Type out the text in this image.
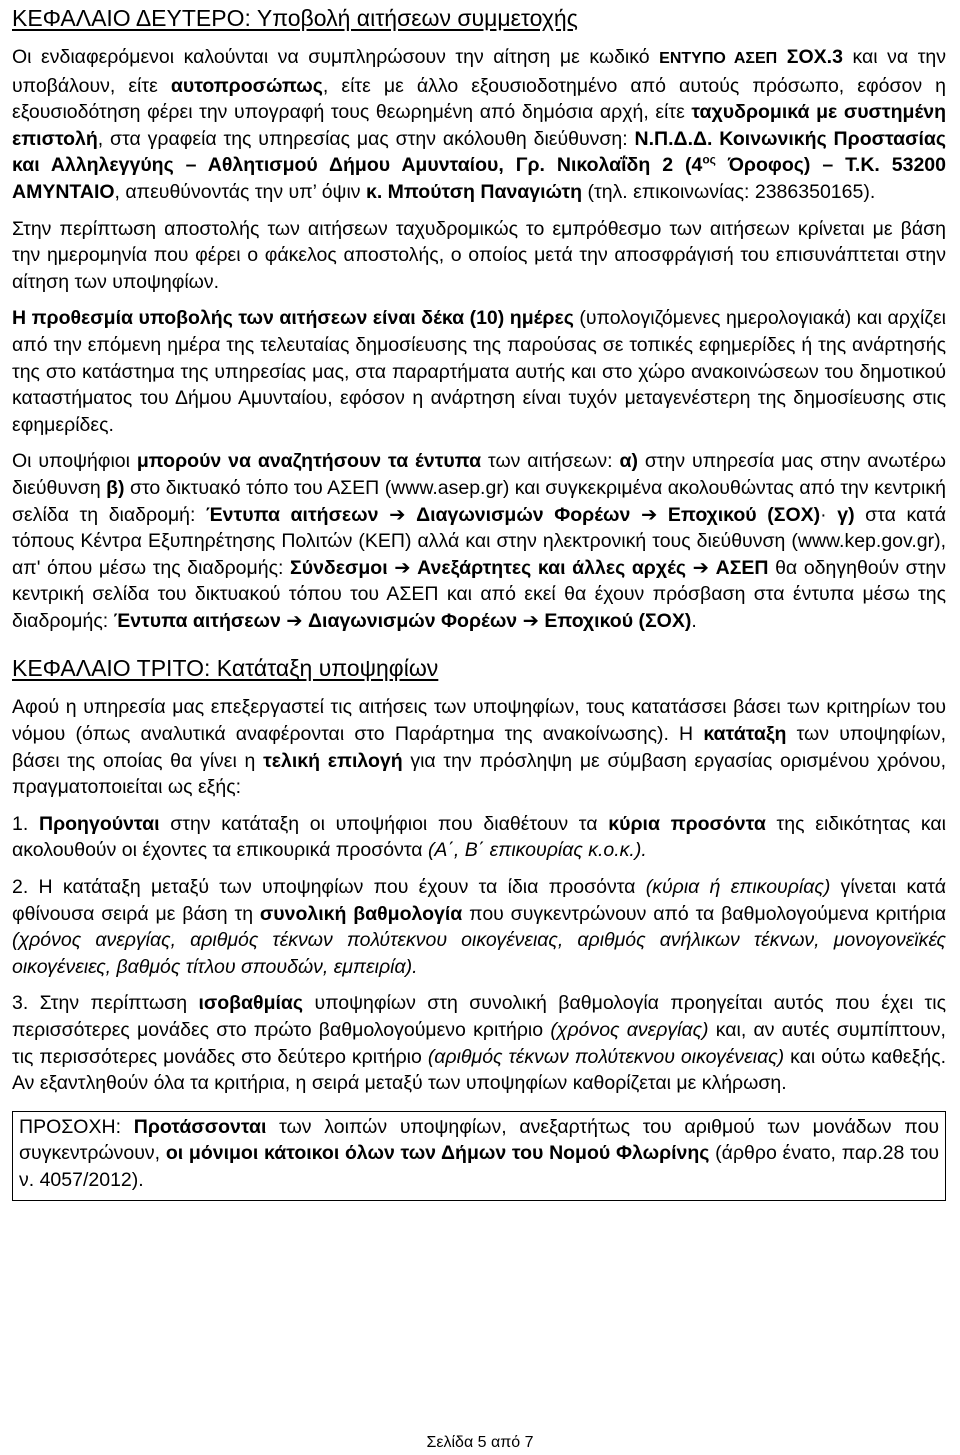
ΚΕΦΑΛΑΙΟ ΔΕΥΤΕΡΟ: Υποβολή αιτήσεων συμμετοχής

Οι ενδιαφερόμενοι καλούνται να συμπληρώσουν την αίτηση με κωδικό ΕΝΤΥΠΟ ΑΣΕΠ ΣΟΧ.3 και να την υποβάλουν, είτε αυτοπροσώπως, είτε με άλλο εξουσιοδοτημένο από αυτούς πρόσωπο, εφόσον η εξουσιοδότηση φέρει την υπογραφή τους θεωρημένη από δημόσια αρχή, είτε ταχυδρομικά με συστημένη επιστολή, στα γραφεία της υπηρεσίας μας στην ακόλουθη διεύθυνση: Ν.Π.Δ.Δ. Κοινωνικής Προστασίας και Αλληλεγγύης – Αθλητισμού Δήμου Αμυνταίου, Γρ. Νικολαΐδη 2 ($4^{o\varsigma}$ Όροφος) – Τ.Κ. 53200 ΑΜΥΝΤΑΙΟ, απευθύνοντάς την υπ’ όψιν κ. Μπούτση Παναγιώτη (τηλ. επικοινωνίας: 2386350165).

Στην περίπτωση αποστολής των αιτήσεων ταχυδρομικώς το εμπρόθεσμο των αιτήσεων κρίνεται με βάση την ημερομηνία που φέρει ο φάκελος αποστολής, ο οποίος μετά την αποσφράγισή του επισυνάπτεται στην αίτηση των υποψηφίων.

Η προθεσμία υποβολής των αιτήσεων είναι δέκα (10) ημέρες (υπολογιζόμενες ημερολογιακά) και αρχίζει από την επόμενη ημέρα της τελευταίας δημοσίευσης της παρούσας σε τοπικές εφημερίδες ή της ανάρτησής της στο κατάστημα της υπηρεσίας μας, στα παραρτήματα αυτής και στο χώρο ανακοινώσεων του δημοτικού καταστήματος του Δήμου Αμυνταίου, εφόσον η ανάρτηση είναι τυχόν μεταγενέστερη της δημοσίευσης στις εφημερίδες.

Οι υποψήφιοι μπορούν να αναζητήσουν τα έντυπα των αιτήσεων: α) στην υπηρεσία μας στην ανωτέρω διεύθυνση β) στο δικτυακό τόπο του ΑΣΕΠ (www.asep.gr) και συγκεκριμένα ακολουθώντας από την κεντρική σελίδα τη διαδρομή: Έντυπα αιτήσεων ➔ Διαγωνισμών Φορέων ➔ Εποχικού (ΣΟΧ)· γ) στα κατά τόπους Κέντρα Εξυπηρέτησης Πολιτών (ΚΕΠ) αλλά και στην ηλεκτρονική τους διεύθυνση (www.kep.gov.gr), απ' όπου μέσω της διαδρομής: Σύνδεσμοι ➔ Ανεξάρτητες και άλλες αρχές ➔ ΑΣΕΠ θα οδηγηθούν στην κεντρική σελίδα του δικτυακού τόπου του ΑΣΕΠ και από εκεί θα έχουν πρόσβαση στα έντυπα μέσω της διαδρομής: Έντυπα αιτήσεων ➔ Διαγωνισμών Φορέων ➔ Εποχικού (ΣΟΧ).

ΚΕΦΑΛΑΙΟ ΤΡΙΤΟ: Κατάταξη υποψηφίων

Αφού η υπηρεσία μας επεξεργαστεί τις αιτήσεις των υποψηφίων, τους κατατάσσει βάσει των κριτηρίων του νόμου (όπως αναλυτικά αναφέρονται στο Παράρτημα της ανακοίνωσης). Η κατάταξη των υποψηφίων, βάσει της οποίας θα γίνει η τελική επιλογή για την πρόσληψη με σύμβαση εργασίας ορισμένου χρόνου, πραγματοποιείται ως εξής:

1. Προηγούνται στην κατάταξη οι υποψήφιοι που διαθέτουν τα κύρια προσόντα της ειδικότητας και ακολουθούν οι έχοντες τα επικουρικά προσόντα (Α΄, Β΄ επικουρίας κ.ο.κ.).

2. Η κατάταξη μεταξύ των υποψηφίων που έχουν τα ίδια προσόντα (κύρια ή επικουρίας) γίνεται κατά φθίνουσα σειρά με βάση τη συνολική βαθμολογία που συγκεντρώνουν από τα βαθμολογούμενα κριτήρια (χρόνος ανεργίας, αριθμός τέκνων πολύτεκνου οικογένειας, αριθμός ανήλικων τέκνων, μονογονεϊκές οικογένειες, βαθμός τίτλου σπουδών, εμπειρία).

3. Στην περίπτωση ισοβαθμίας υποψηφίων στη συνολική βαθμολογία προηγείται αυτός που έχει τις περισσότερες μονάδες στο πρώτο βαθμολογούμενο κριτήριο (χρόνος ανεργίας) και, αν αυτές συμπίπτουν, τις περισσότερες μονάδες στο δεύτερο κριτήριο (αριθμός τέκνων πολύτεκνου οικογένειας) και ούτω καθεξής. Αν εξαντληθούν όλα τα κριτήρια, η σειρά μεταξύ των υποψηφίων καθορίζεται με κλήρωση.

ΠΡΟΣΟΧΗ: Προτάσσονται των λοιπών υποψηφίων, ανεξαρτήτως του αριθμού των μονάδων που συγκεντρώνουν, οι μόνιμοι κάτοικοι όλων των Δήμων του Νομού Φλωρίνης (άρθρο ένατο, παρ.28 του ν. 4057/2012).

Σελίδα 5 από 7
